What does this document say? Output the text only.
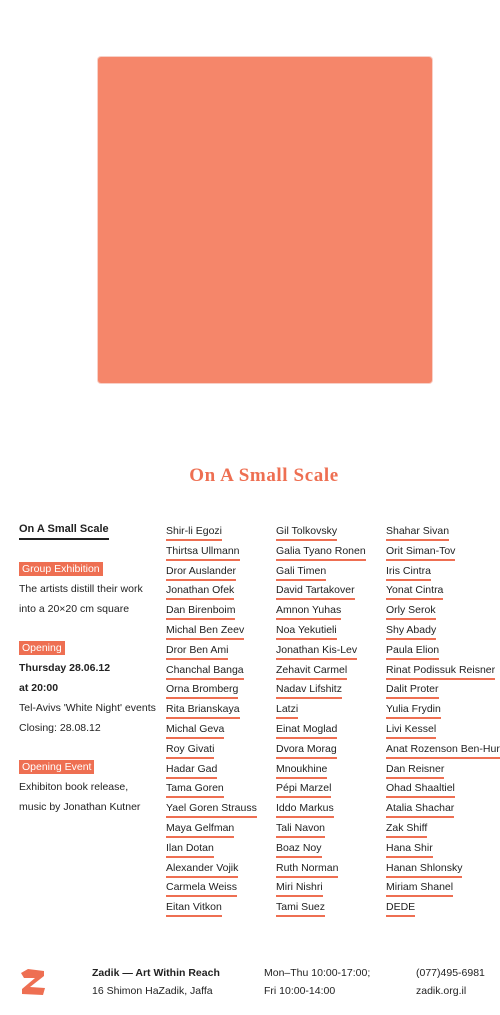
On A Small Scale
On A Small Scale
Group Exhibition
The artists distill their work
into a 20×20 cm square
Opening
Thursday 28.06.12
at 20:00
Tel-Avivs 'White Night' events
Closing: 28.08.12
Opening Event
Exhibiton book release,
music by Jonathan Kutner
Shir-li Egozi
Thirtsa Ullmann
Dror Auslander
Jonathan Ofek
Dan Birenboim
Michal Ben Zeev
Dror Ben Ami
Chanchal Banga
Orna Bromberg
Rita Brianskaya
Michal Geva
Roy Givati
Hadar Gad
Tama Goren
Yael Goren Strauss
Maya Gelfman
Ilan Dotan
Alexander Vojik
Carmela Weiss
Eitan Vitkon
Gil Tolkovsky
Galia Tyano Ronen
Gali Timen
David Tartakover
Amnon Yuhas
Noa Yekutieli
Jonathan Kis-Lev
Zehavit Carmel
Nadav Lifshitz
Latzi
Einat Moglad
Dvora Morag
Mnoukhine
Pépi Marzel
Iddo Markus
Tali Navon
Boaz Noy
Ruth Norman
Miri Nishri
Tami Suez
Shahar Sivan
Orit Siman-Tov
Iris Cintra
Yonat Cintra
Orly Serok
Shy Abady
Paula Elion
Rinat Podissuk Reisner
Dalit Proter
Yulia Frydin
Livi Kessel
Anat Rozenson Ben-Hur
Dan Reisner
Ohad Shaaltiel
Atalia Shachar
Zak Shiff
Hana Shir
Hanan Shlonsky
Miriam Shanel
DEDE
Zadik — Art Within Reach
16 Shimon HaZadik, Jaffa
Mon–Thu 10:00-17:00;
Fri 10:00-14:00
(077)495-6981
zadik.org.il
